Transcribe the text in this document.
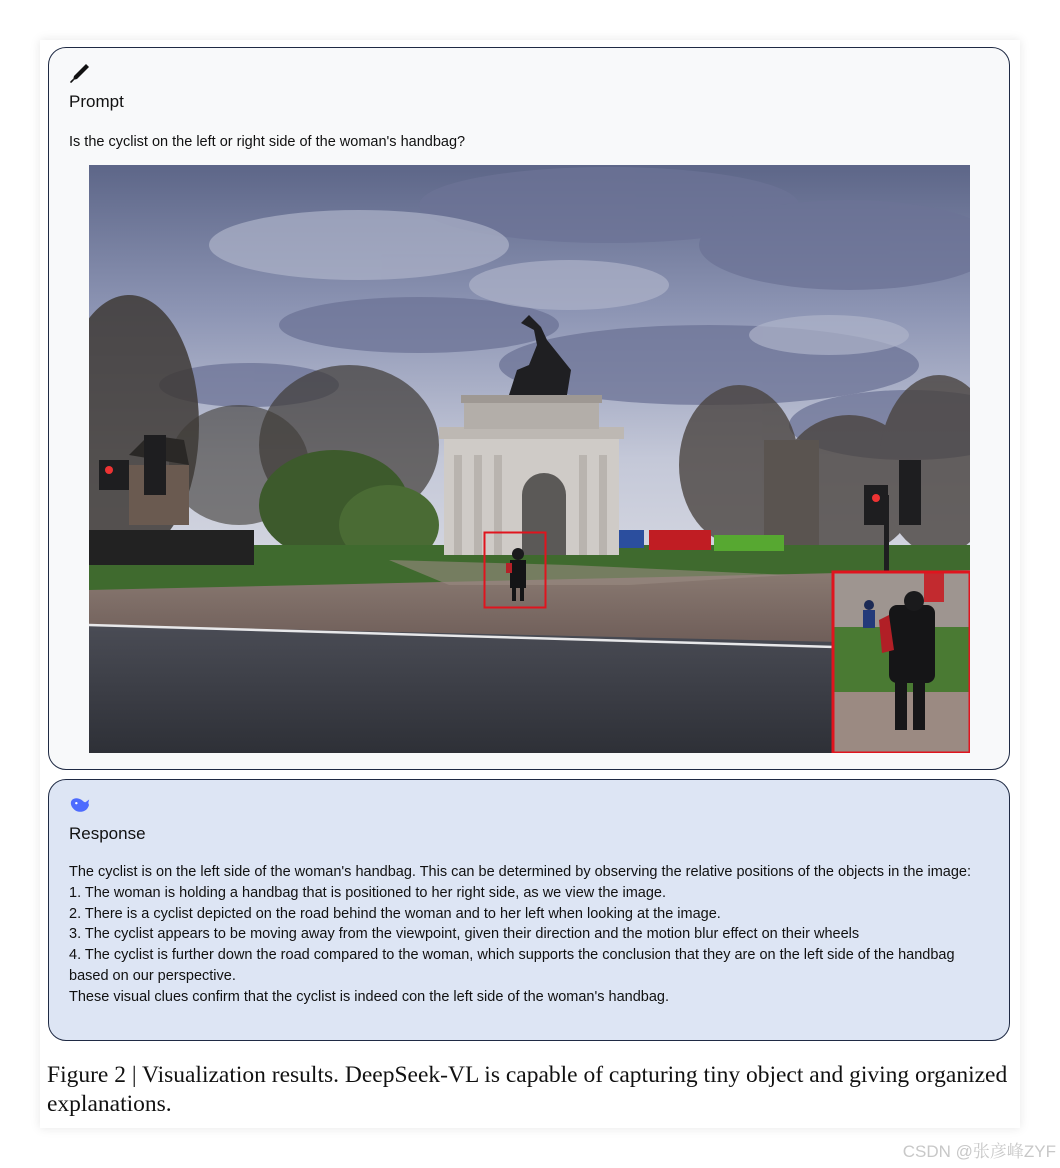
Prompt
Is the cyclist on the left or right side of the woman's handbag?
Response

The cyclist is on the left side of the woman's handbag. This can be determined by observing the relative positions of the objects in the image:

1. The woman is holding a handbag that is positioned to her right side, as we view the image.

2. There is a cyclist depicted on the road behind the woman and to her left when looking at the image.

3. The cyclist appears to be moving away from the viewpoint, given their direction and the motion blur effect on their wheels

4. The cyclist is further down the road compared to the woman, which supports the conclusion that they are on the left side of the handbag based on our perspective.

These visual clues confirm that the cyclist is indeed con the left side of the woman's handbag.

Figure 2 | Visualization results. DeepSeek-VL is capable of capturing tiny object and giving organized explanations.
CSDN @张彦峰ZYF
